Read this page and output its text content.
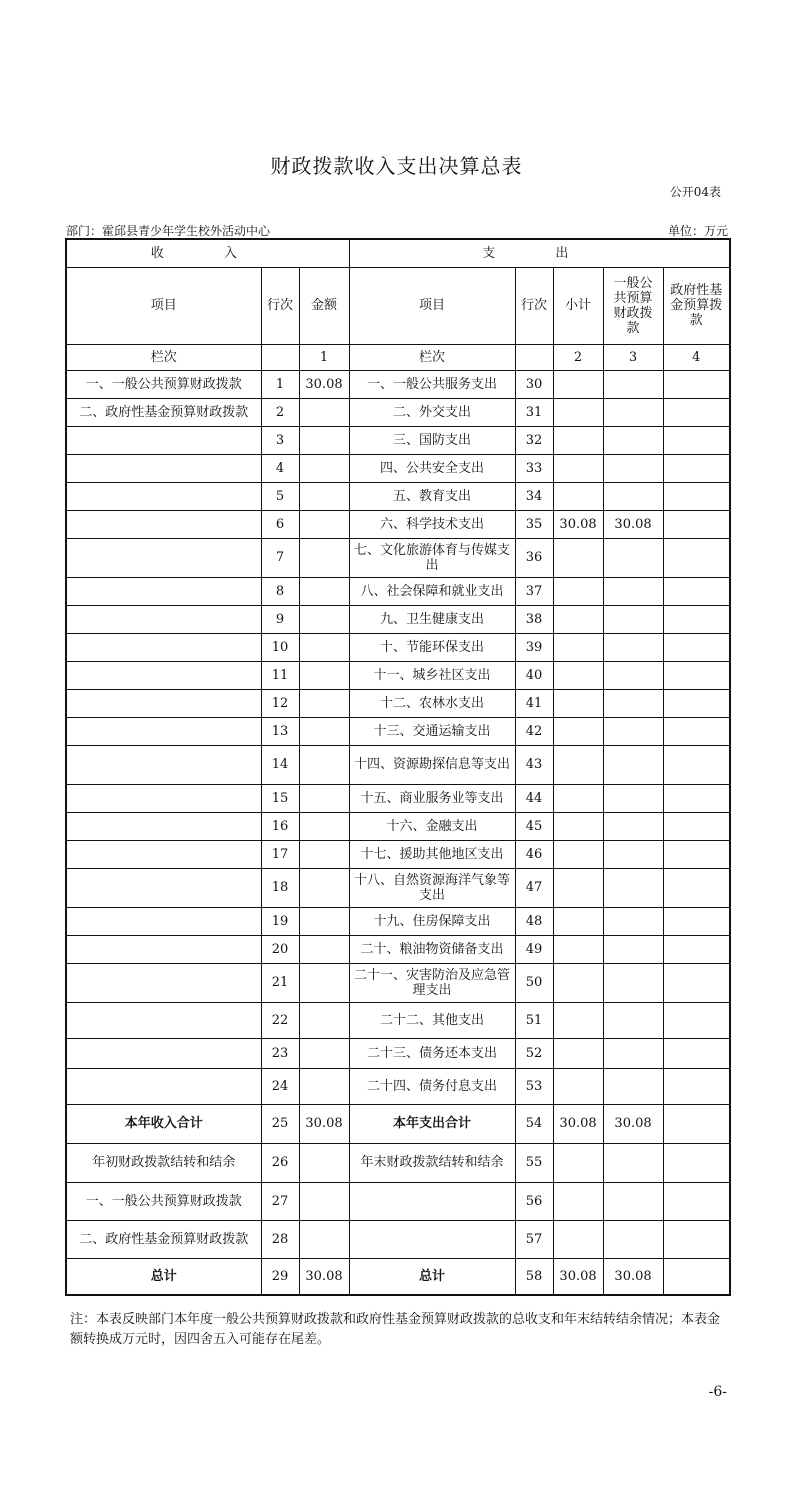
财政拨款收入支出决算总表
公开04表
部门：霍邱县青少年学生校外活动中心	单位：万元
收 入			支 出				
项目	行次	金额	项目	行次	小计	一般公共预算财政拨款	政府性基金预算拨款
栏次		1	栏次		2	3	4
一、一般公共预算财政拨款	1	30.08	一、一般公共服务支出	30			
二、政府性基金预算财政拨款	2		二、外交支出	31			
	3		三、国防支出	32			
	4		四、公共安全支出	33			
	5		五、教育支出	34			
	6		六、科学技术支出	35	30.08	30.08	
	7		七、文化旅游体育与传媒支出	36			
	8		八、社会保障和就业支出	37			
	9		九、卫生健康支出	38			
	10		十、节能环保支出	39			
	11		十一、城乡社区支出	40			
	12		十二、农林水支出	41			
	13		十三、交通运输支出	42			
	14		十四、资源勘探信息等支出	43			
	15		十五、商业服务业等支出	44			
	16		十六、金融支出	45			
	17		十七、援助其他地区支出	46			
	18		十八、自然资源海洋气象等支出	47			
	19		十九、住房保障支出	48			
	20		二十、粮油物资储备支出	49			
	21		二十一、灾害防治及应急管理支出	50			
	22		二十二、其他支出	51			
	23		二十三、债务还本支出	52			
	24		二十四、债务付息支出	53			
本年收入合计	25	30.08	本年支出合计	54	30.08	30.08	
年初财政拨款结转和结余	26		年末财政拨款结转和结余	55			
一、一般公共预算财政拨款	27			56			
二、政府性基金预算财政拨款	28			57			
总计	29	30.08	总计	58	30.08	30.08	
注：本表反映部门本年度一般公共预算财政拨款和政府性基金预算财政拨款的总收支和年末结转结余情况；本表金额转换成万元时，因四舍五入可能存在尾差。
-6-
